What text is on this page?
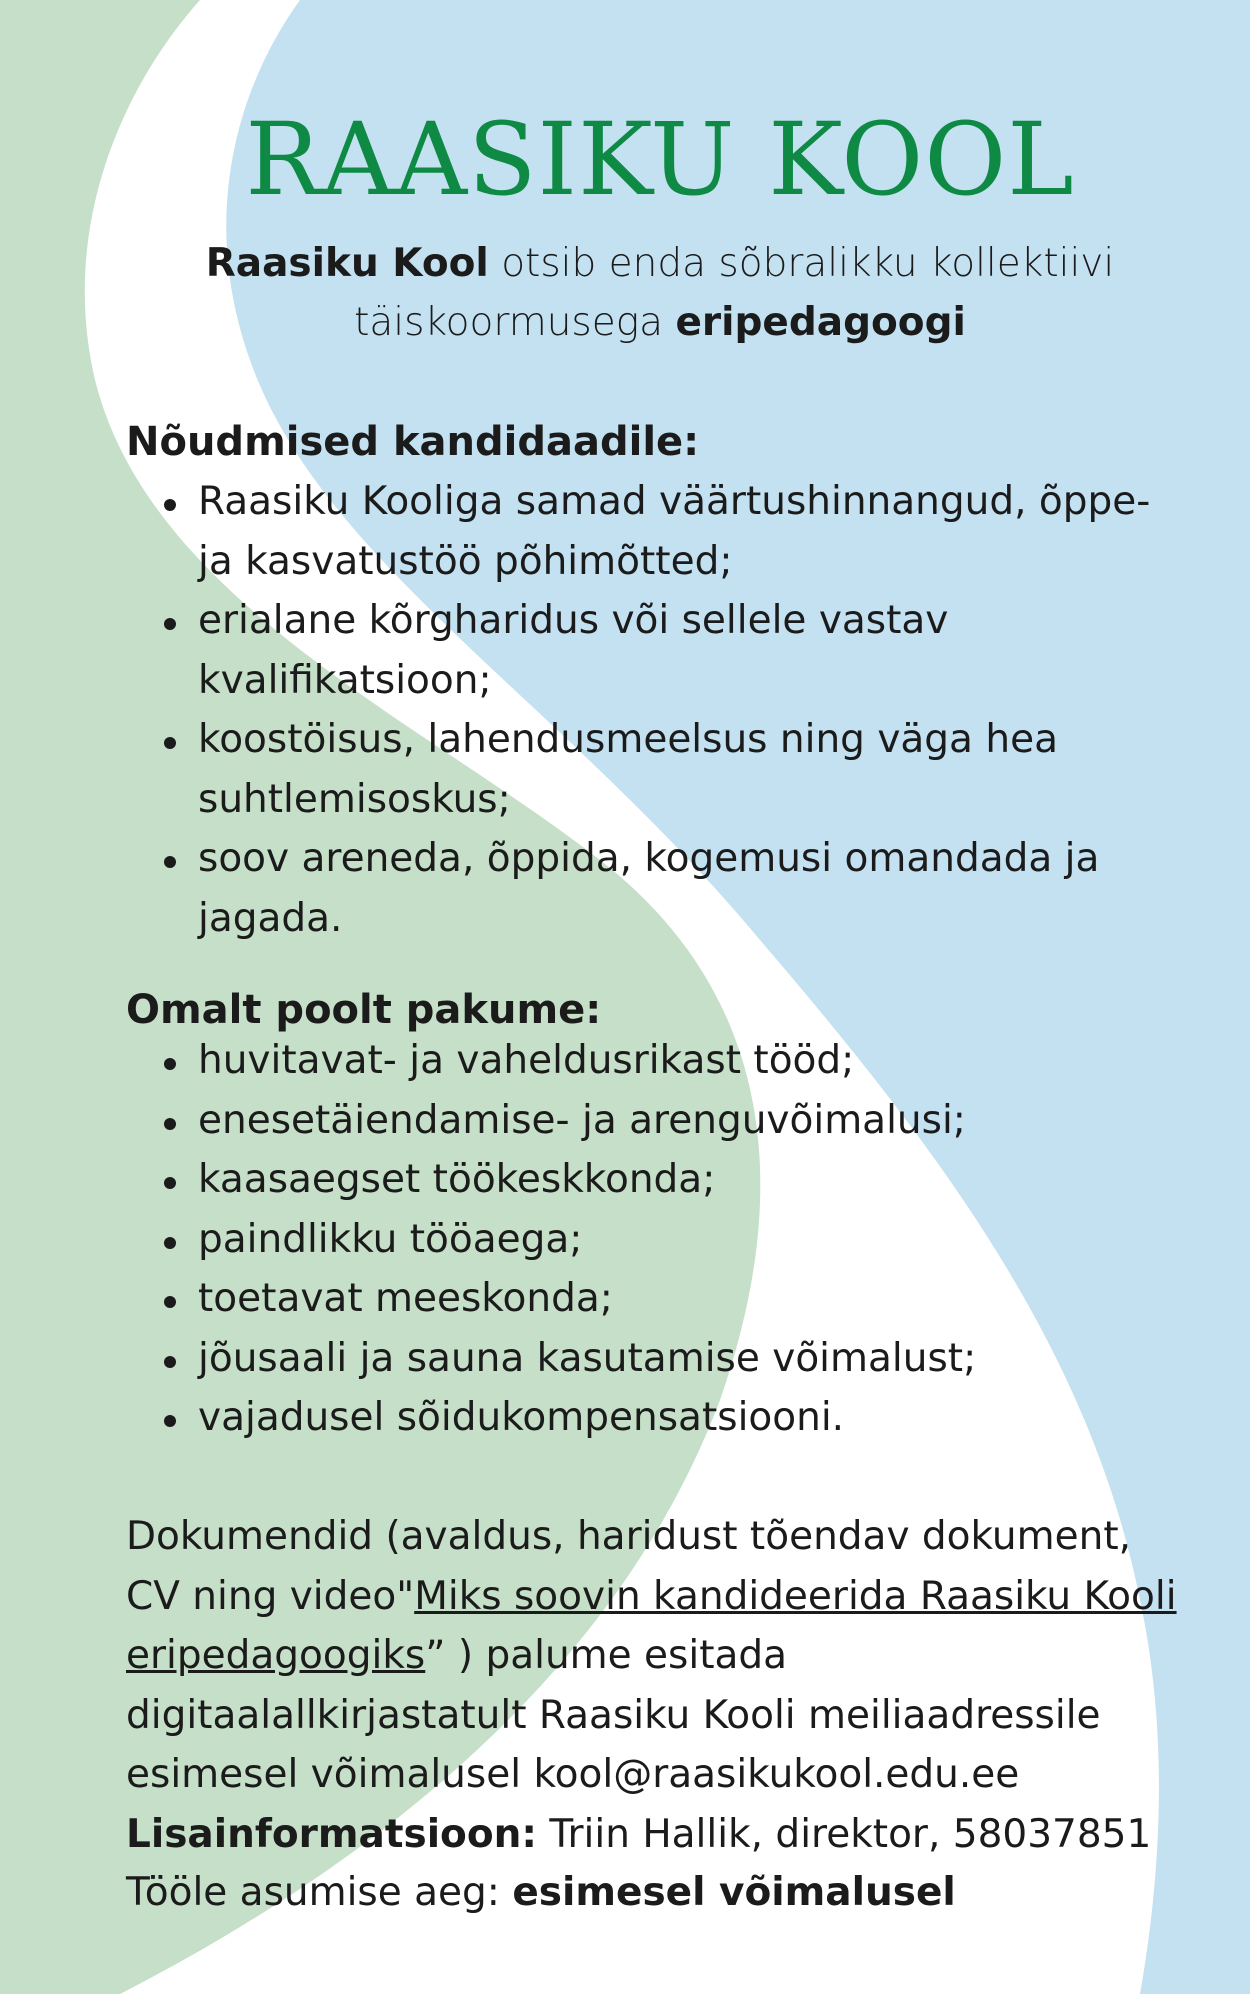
RAASIKU KOOL

Raasiku Kool otsib enda sõbralikku kollektiivi täiskoormusega eripedagoogi

Nõudmised kandidaadile:
Raasiku Kooliga samad väärtushinnangud, õppe- ja kasvatustöö põhimõtted;
erialane kõrgharidus või sellele vastav kvalifikatsioon;
koostöisus, lahendusmeelsus ning väga hea suhtlemisoskus;
soov areneda, õppida, kogemusi omandada ja jagada.
Omalt poolt pakume:
huvitavat- ja vaheldusrikast tööd;
enesetäiendamise- ja arenguvõimalusi;
kaasaegset töökeskkonda;
paindlikku tööaega;
toetavat meeskonda;
jõusaali ja sauna kasutamise võimalust;
vajadusel sõidukompensatsiooni.

Dokumendid (avaldus, haridust tõendav dokument, CV ning video"Miks soovin kandideerida Raasiku Kooli eripedagoogiks” ) palume esitada digitaalallkirjastatult Raasiku Kooli meiliaadressile esimesel võimalusel kool@raasikukool.edu.ee

Lisainformatsioon: Triin Hallik, direktor, 58037851

Tööle asumise aeg: esimesel võimalusel
